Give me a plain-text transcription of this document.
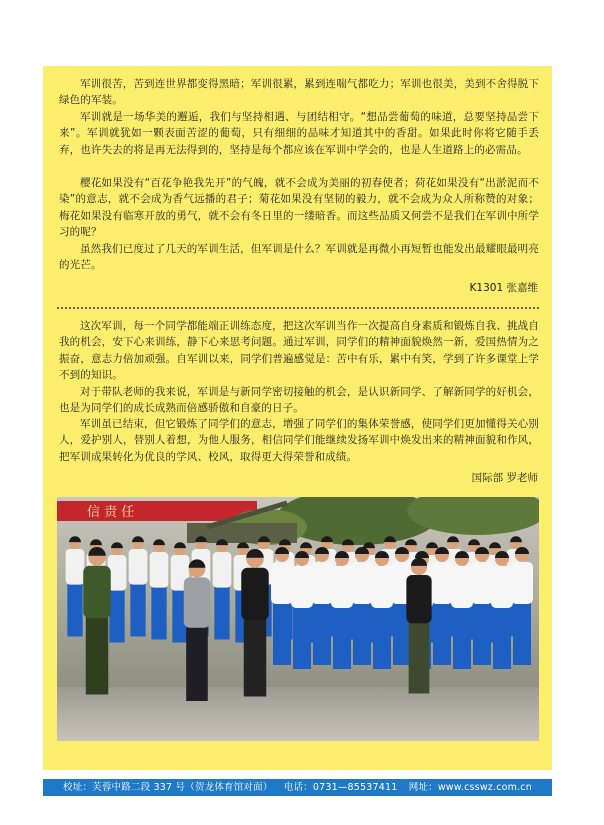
军训很苦，苦到连世界都变得黑暗；军训很累，累到连喘气都吃力；军训也很美，美到不舍得脱下绿色的军装。

军训就是一场华美的邂逅，我们与坚持相遇、与团结相守。“想品尝葡萄的味道，总要坚持品尝下来”。军训就犹如一颗表面苦涩的葡萄，只有细细的品味才知道其中的香甜。如果此时你将它随手丢弃，也许失去的将是再无法得到的，坚持是每个都应该在军训中学会的，也是人生道路上的必需品。

樱花如果没有“百花争艳我先开”的气魄，就不会成为美丽的初春使者；荷花如果没有“出淤泥而不染”的意志，就不会成为香气远播的君子；菊花如果没有坚韧的毅力，就不会成为众人所称赞的对象；梅花如果没有临寒开放的勇气，就不会有冬日里的一缕暗香。而这些品质又何尝不是我们在军训中所学习的呢？

虽然我们已度过了几天的军训生活，但军训是什么？军训就是再微小再短暂也能发出最耀眼最明亮的光芒。

K1301 张嘉维

这次军训，每一个同学都能端正训练态度，把这次军训当作一次提高自身素质和锻炼自我、挑战自我的机会，安下心来训练，静下心来思考问题。通过军训，同学们的精神面貌焕然一新，爱国热情为之振奋，意志力倍加顽强。自军训以来，同学们普遍感觉是：苦中有乐，累中有笑，学到了许多课堂上学不到的知识。

对于带队老师的我来说，军训是与新同学密切接触的机会，是认识新同学、了解新同学的好机会，也是为同学们的成长成熟而倍感骄傲和自豪的日子。

军训虽已结束，但它锻炼了同学们的意志，增强了同学们的集体荣誉感，使同学们更加懂得关心别人，爱护别人，替别人着想，为他人服务，相信同学们能继续发扬军训中焕发出来的精神面貌和作风，把军训成果转化为优良的学风、校风，取得更大得荣誉和成绩。

国际部 罗老师
信 责 任
校址：芙蓉中路二段 337 号（贺龙体育馆对面） 电话：0731—85537411 网址：www.csswz.com.cn
